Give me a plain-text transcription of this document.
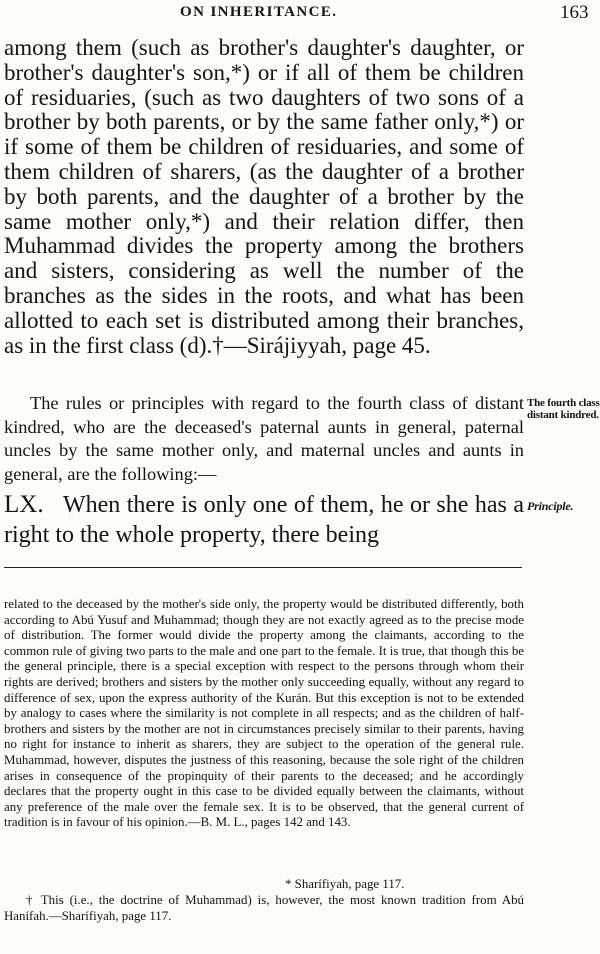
ON INHERITANCE.	163

among them (such as brother's daughter's daughter, or brother's daughter's son,*) or if all of them be children of residuaries, (such as two daughters of two sons of a brother by both parents, or by the same father only,*) or if some of them be children of residuaries, and some of them children of sharers, (as the daughter of a brother by both parents, and the daughter of a brother by the same mother only,*) and their relation differ, then Muhammad divides the property among the brothers and sisters, considering as well the number of the branches as the sides in the roots, and what has been allotted to each set is distributed among their branches, as in the first class (d).†—Sirájiyyah, page 45.

The rules or principles with regard to the fourth class of distant kindred, who are the deceased's paternal aunts in general, paternal uncles by the same mother only, and maternal uncles and aunts in general, are the following:—

The fourth class distant kindred.

LX. When there is only one of them, he or she has a right to the whole property, there being

Principle.

related to the deceased by the mother's side only, the property would be distributed differently, both according to Abú Yusuf and Muhammad; though they are not exactly agreed as to the precise mode of distribution. The former would divide the property among the claimants, according to the common rule of giving two parts to the male and one part to the female. It is true, that though this be the general principle, there is a special exception with respect to the persons through whom their rights are derived; brothers and sisters by the mother only succeeding equally, without any regard to difference of sex, upon the express authority of the Kurán. But this exception is not to be extended by analogy to cases where the similarity is not complete in all respects; and as the children of half-brothers and sisters by the mother are not in circumstances precisely similar to their parents, having no right for instance to inherit as sharers, they are subject to the operation of the general rule. Muhammad, however, disputes the justness of this reasoning, because the sole right of the children arises in consequence of the propinquity of their parents to the deceased; and he accordingly declares that the property ought in this case to be divided equally between the claimants, without any preference of the male over the female sex. It is to be observed, that the general current of tradition is in favour of his opinion.—B. M. L., pages 142 and 143.

* Sharífiyah, page 117.

† This (i.e., the doctrine of Muhammad) is, however, the most known tradition from Abú Hanífah.—Sharífiyah, page 117.
